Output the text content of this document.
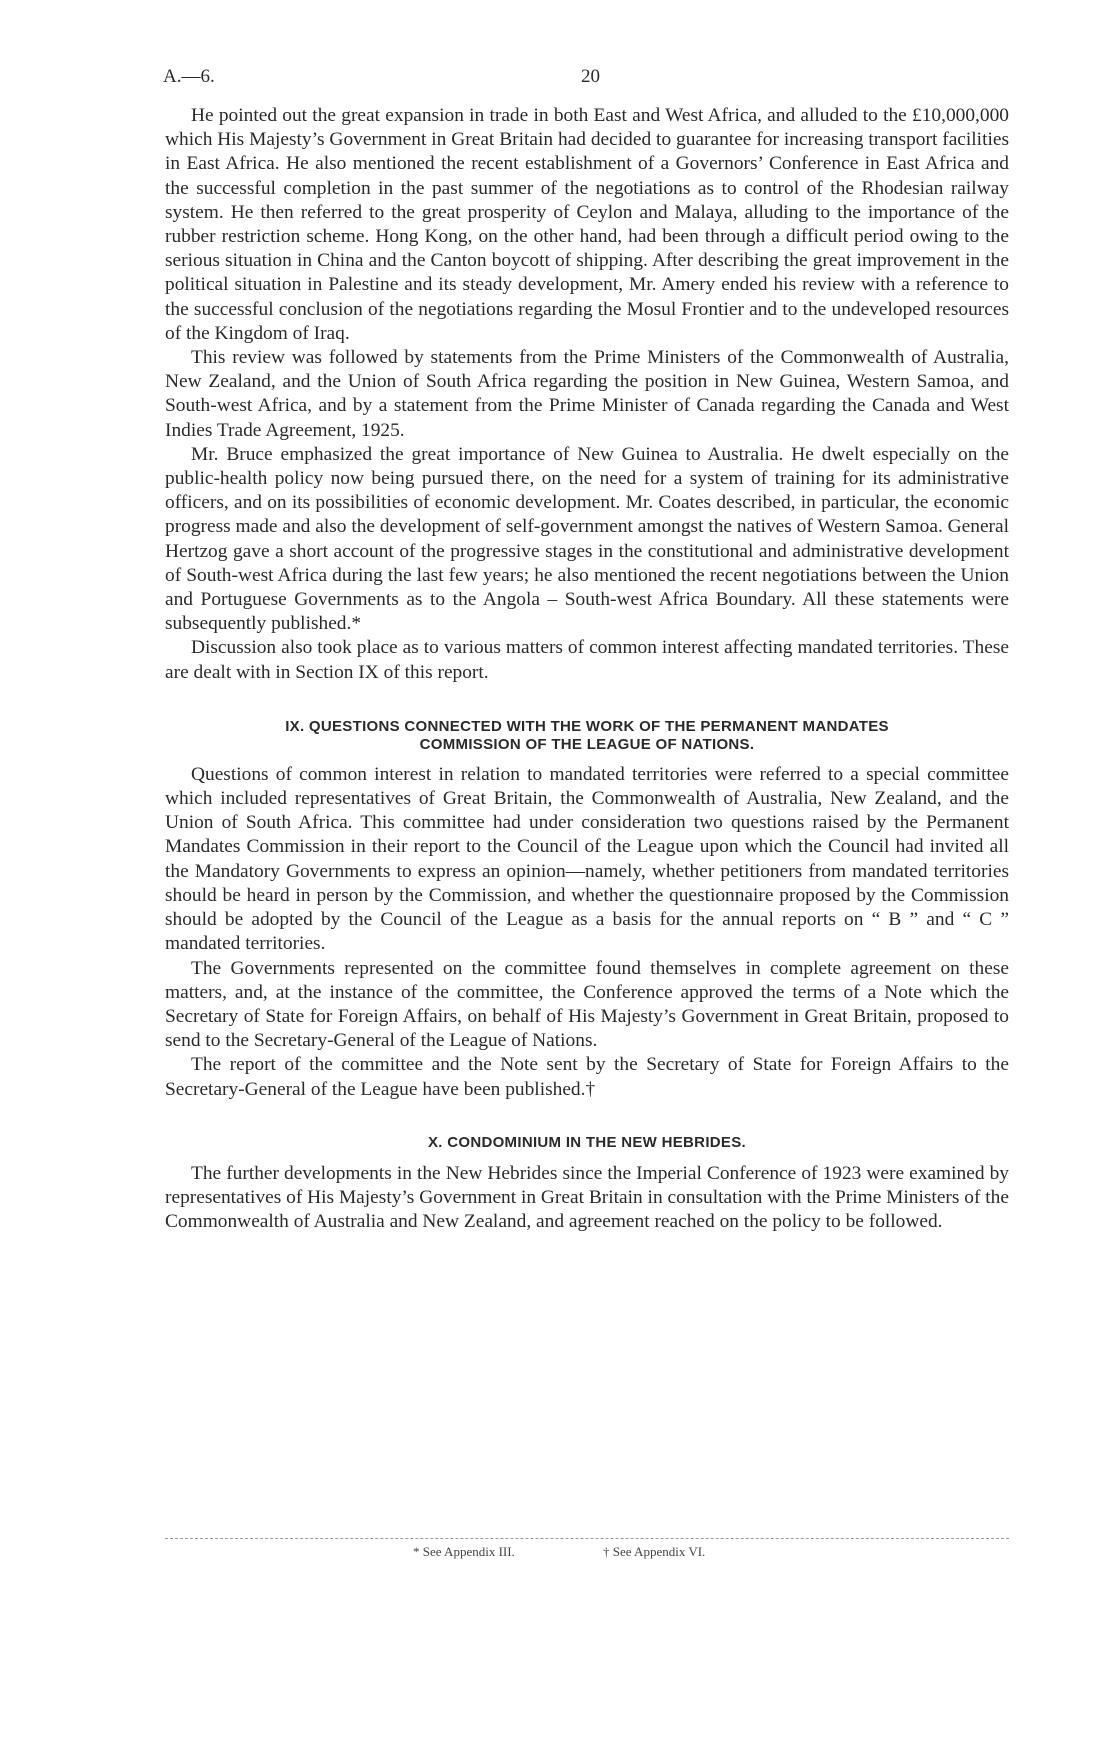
A.—6.	20

He pointed out the great expansion in trade in both East and West Africa, and alluded to the £10,000,000 which His Majesty’s Government in Great Britain had decided to guarantee for increasing transport facilities in East Africa. He also mentioned the recent establishment of a Governors’ Conference in East Africa and the successful completion in the past summer of the negotiations as to control of the Rhodesian railway system. He then referred to the great prosperity of Ceylon and Malaya, alluding to the importance of the rubber restriction scheme. Hong Kong, on the other hand, had been through a difficult period owing to the serious situation in China and the Canton boycott of shipping. After describing the great improvement in the political situation in Palestine and its steady development, Mr. Amery ended his review with a reference to the successful conclusion of the negotiations regarding the Mosul Frontier and to the undeveloped resources of the Kingdom of Iraq.

This review was followed by statements from the Prime Ministers of the Commonwealth of Australia, New Zealand, and the Union of South Africa regarding the position in New Guinea, Western Samoa, and South-west Africa, and by a statement from the Prime Minister of Canada regarding the Canada and West Indies Trade Agreement, 1925.

Mr. Bruce emphasized the great importance of New Guinea to Australia. He dwelt especially on the public-health policy now being pursued there, on the need for a system of training for its administrative officers, and on its possibilities of economic development. Mr. Coates described, in particular, the economic progress made and also the development of self-government amongst the natives of Western Samoa. General Hertzog gave a short account of the progressive stages in the constitutional and administrative development of South-west Africa during the last few years; he also mentioned the recent negotiations between the Union and Portuguese Governments as to the Angola – South-west Africa Boundary. All these statements were subsequently published.*

Discussion also took place as to various matters of common interest affecting mandated territories. These are dealt with in Section IX of this report.

IX. QUESTIONS CONNECTED WITH THE WORK OF THE PERMANENT MANDATES
COMMISSION OF THE LEAGUE OF NATIONS.

Questions of common interest in relation to mandated territories were referred to a special committee which included representatives of Great Britain, the Commonwealth of Australia, New Zealand, and the Union of South Africa. This committee had under consideration two questions raised by the Permanent Mandates Commission in their report to the Council of the League upon which the Council had invited all the Mandatory Governments to express an opinion—namely, whether petitioners from mandated territories should be heard in person by the Commission, and whether the questionnaire proposed by the Commission should be adopted by the Council of the League as a basis for the annual reports on “ B ” and “ C ” mandated territories.

The Governments represented on the committee found themselves in complete agreement on these matters, and, at the instance of the committee, the Conference approved the terms of a Note which the Secretary of State for Foreign Affairs, on behalf of His Majesty’s Government in Great Britain, proposed to send to the Secretary-General of the League of Nations.

The report of the committee and the Note sent by the Secretary of State for Foreign Affairs to the Secretary-General of the League have been published.†

X. CONDOMINIUM IN THE NEW HEBRIDES.

The further developments in the New Hebrides since the Imperial Conference of 1923 were examined by representatives of His Majesty’s Government in Great Britain in consultation with the Prime Ministers of the Commonwealth of Australia and New Zealand, and agreement reached on the policy to be followed.

* See Appendix III.	† See Appendix VI.
